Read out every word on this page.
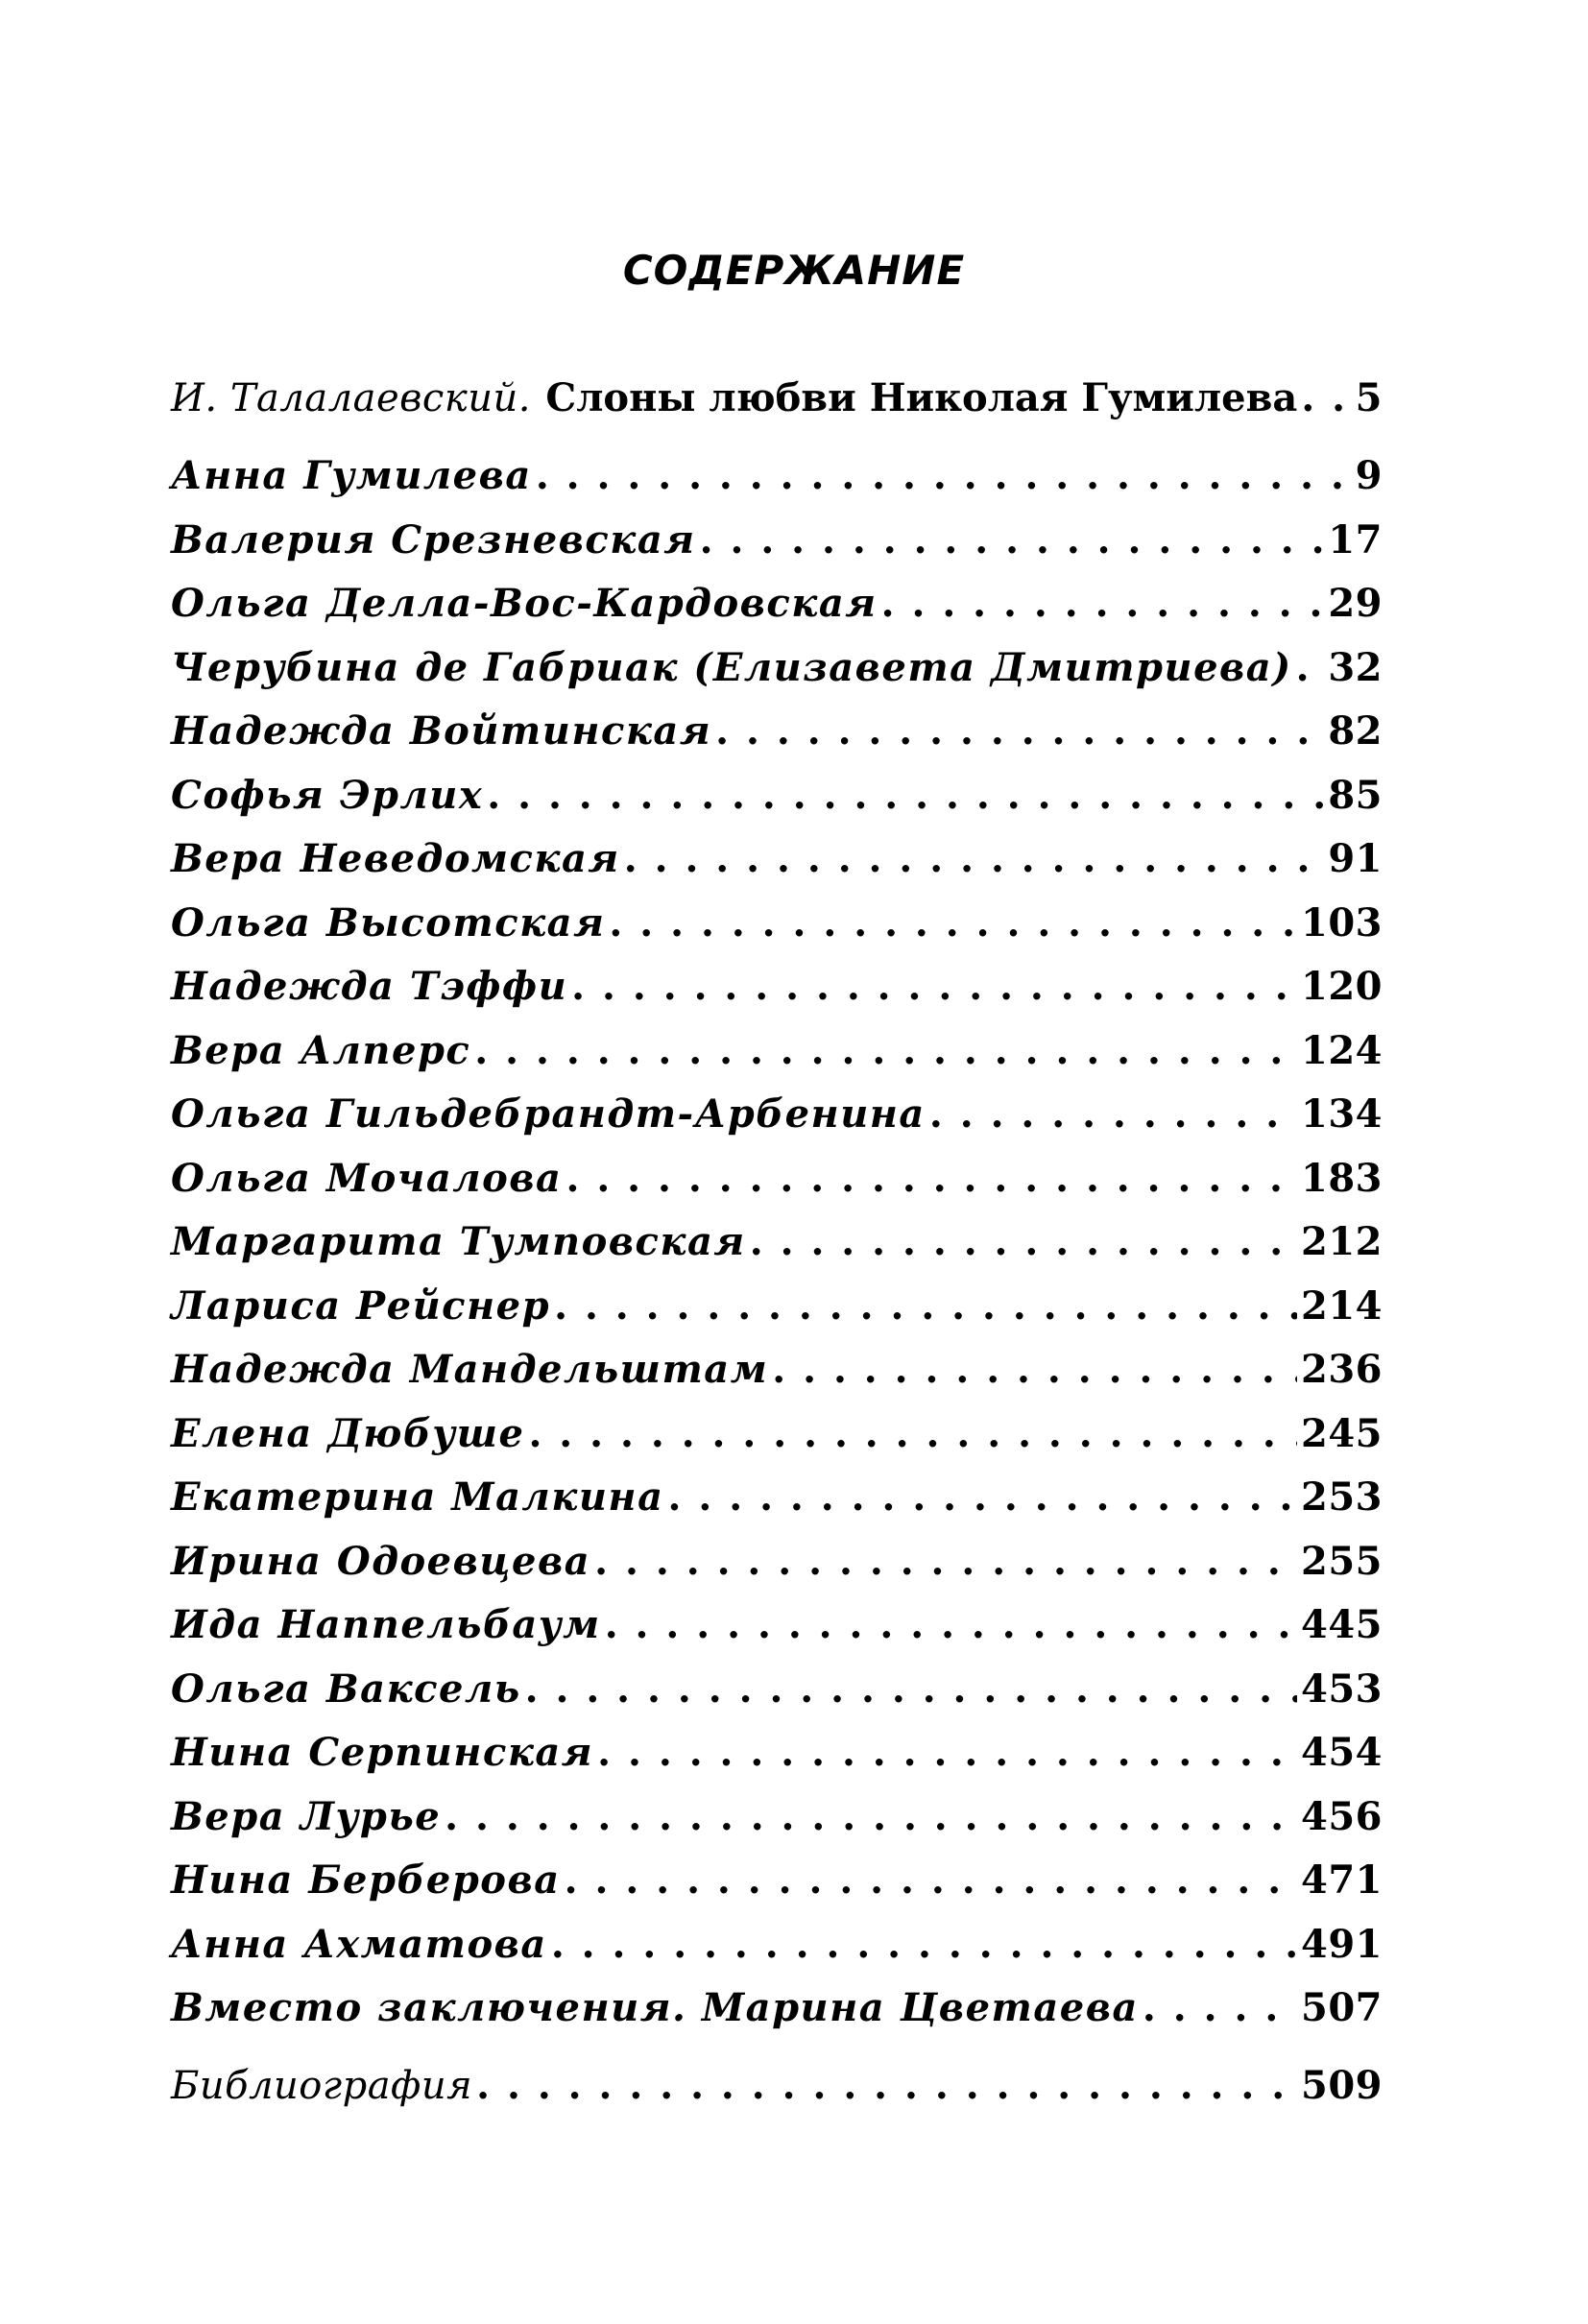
СОДЕРЖАНИЕ
И. Талалаевский. Слоны любви Николая Гумилева . . . 5
Анна Гумилева . . .	9
Валерия Срезневская . . .	17
Ольга Делла-Вос-Кардовская . . .	29
Черубина де Габриак (Елизавета Дмитриева) . . . 32
Надежда Войтинская . . .	82
Софья Эрлих . . .	85
Вера Неведомская . . .	91
Ольга Высотская . . .	103
Надежда Тэффи . . .	120
Вера Алперс . . .	124
Ольга Гильдебрандт-Арбенина . . .	134
Ольга Мочалова . . .	183
Маргарита Тумповская . . .	212
Лариса Рейснер . . .	214
Надежда Мандельштам . . .	236
Елена Дюбуше . . .	245
Екатерина Малкина . . .	253
Ирина Одоевцева . . .	255
Ида Наппельбаум . . .	445
Ольга Ваксель . . .	453
Нина Серпинская . . .	454
Вера Лурье . . .	456
Нина Берберова . . .	471
Анна Ахматова . . .	491
Вместо заключения. Марина Цветаева . . .	507
Библиография . . .	509
